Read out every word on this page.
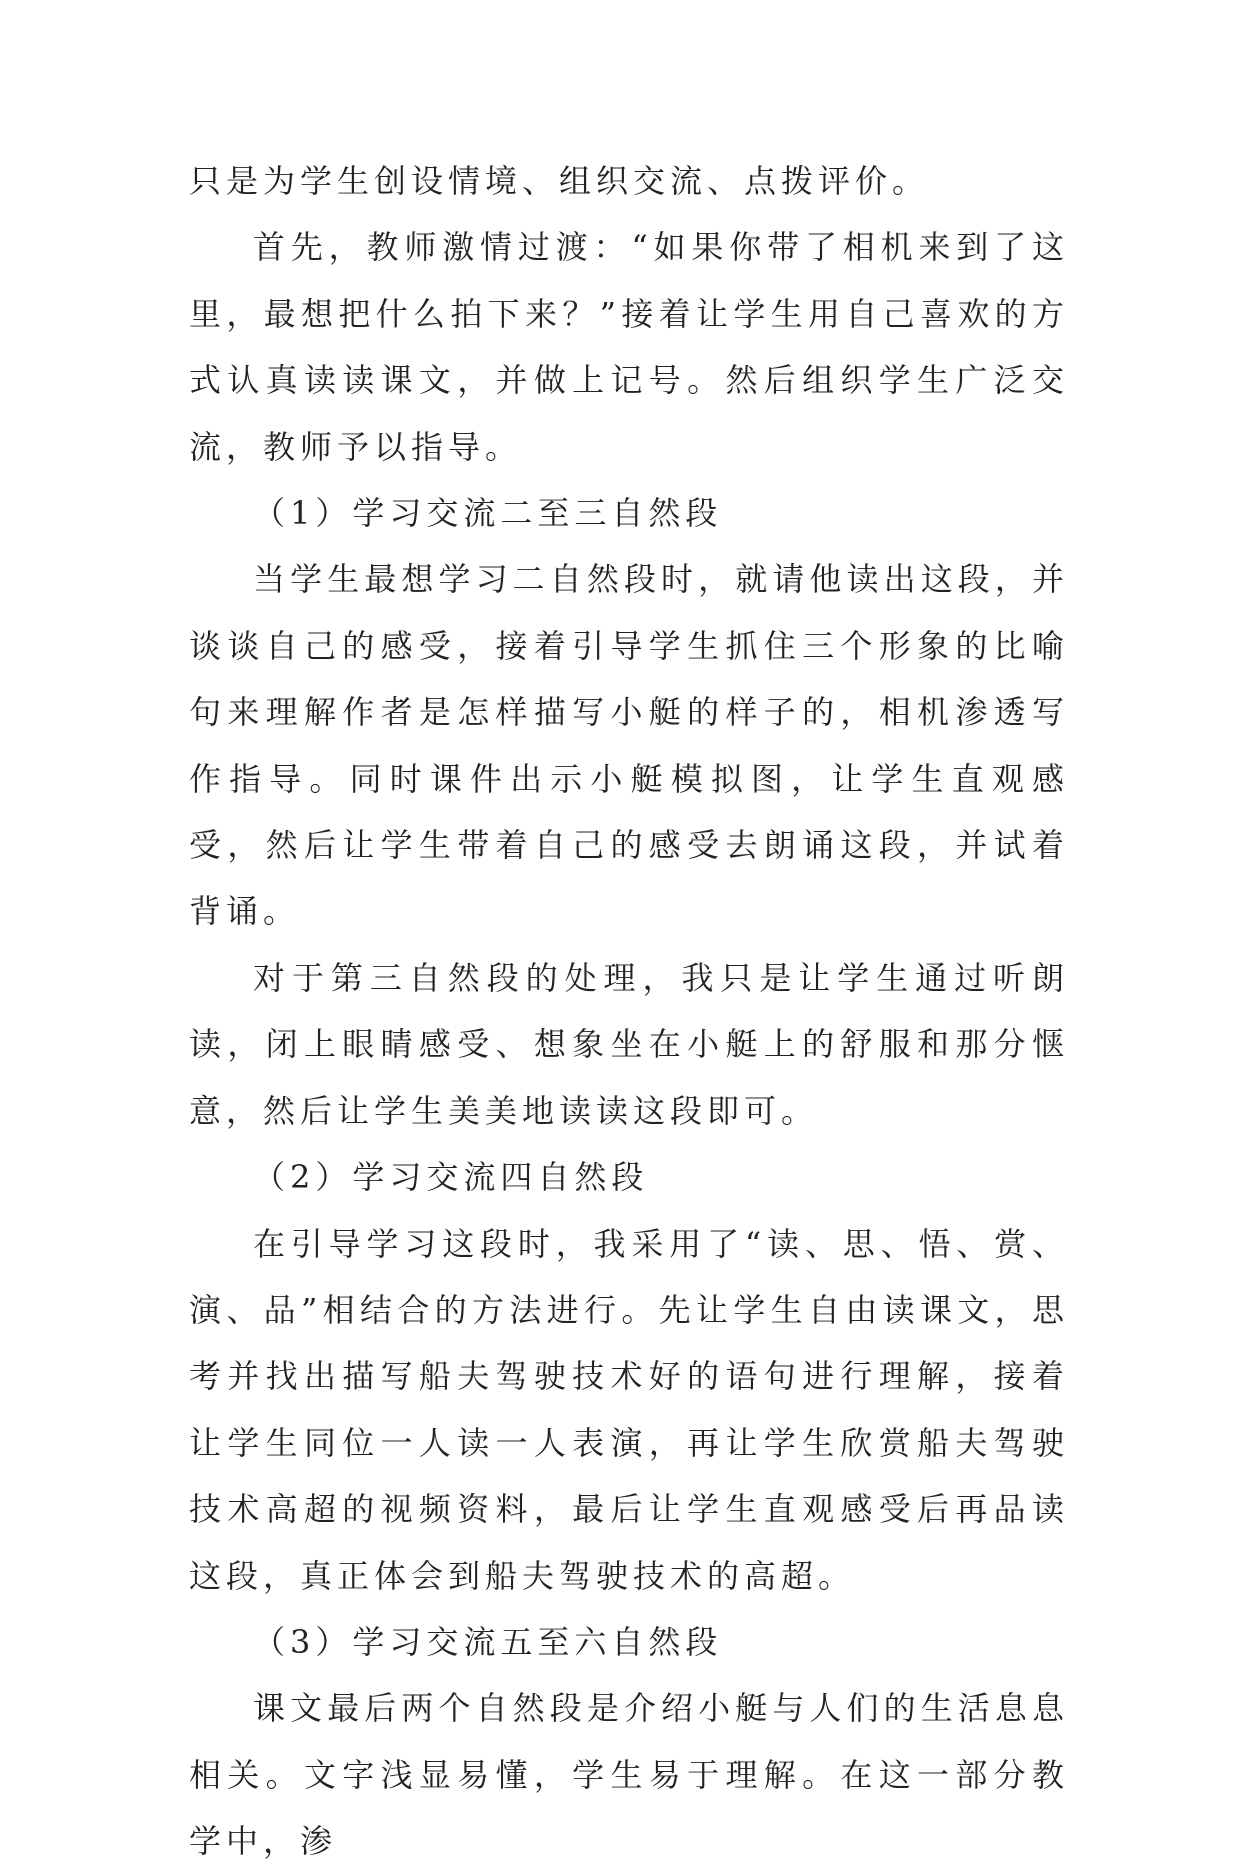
只是为学生创设情境、组织交流、点拨评价。

首先，教师激情过渡：“如果你带了相机来到了这里，最想把什么拍下来？”接着让学生用自己喜欢的方式认真读读课文，并做上记号。然后组织学生广泛交流，教师予以指导。

（1）学习交流二至三自然段

当学生最想学习二自然段时，就请他读出这段，并谈谈自己的感受，接着引导学生抓住三个形象的比喻句来理解作者是怎样描写小艇的样子的，相机渗透写作指导。同时课件出示小艇模拟图，让学生直观感受，然后让学生带着自己的感受去朗诵这段，并试着背诵。

对于第三自然段的处理，我只是让学生通过听朗读，闭上眼睛感受、想象坐在小艇上的舒服和那分惬意，然后让学生美美地读读这段即可。

（2）学习交流四自然段

在引导学习这段时，我采用了“读、思、悟、赏、演、品”相结合的方法进行。先让学生自由读课文，思考并找出描写船夫驾驶技术好的语句进行理解，接着让学生同位一人读一人表演，再让学生欣赏船夫驾驶技术高超的视频资料，最后让学生直观感受后再品读这段，真正体会到船夫驾驶技术的高超。

（3）学习交流五至六自然段

课文最后两个自然段是介绍小艇与人们的生活息息相关。文字浅显易懂，学生易于理解。在这一部分教学中，渗
